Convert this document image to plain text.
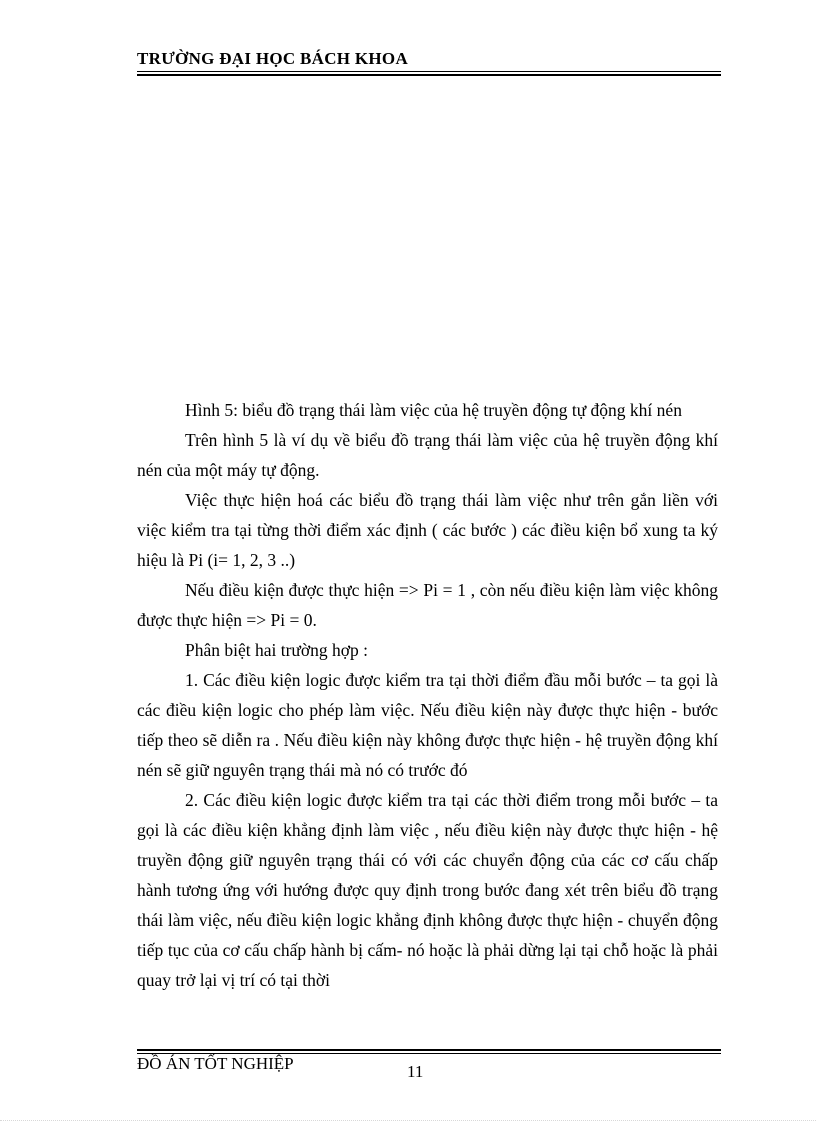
TRƯỜNG ĐẠI HỌC BÁCH KHOA

Hình 5: biểu đồ trạng thái làm việc của hệ truyền động tự động khí nén

Trên hình 5 là ví dụ về biểu đồ trạng thái làm việc của hệ truyền động khí nén của một máy tự động.

Việc thực hiện hoá các biểu đồ trạng thái làm việc như trên gắn liền với việc kiểm tra tại từng thời điểm xác định ( các bước ) các điều kiện bổ xung ta ký hiệu là Pi (i= 1, 2, 3 ..)

Nếu điều kiện được thực hiện => Pi = 1 , còn nếu điều kiện làm việc không được thực hiện => Pi = 0.

Phân biệt hai trường hợp :

1. Các điều kiện logic được kiểm tra tại thời điểm đầu mỗi bước – ta gọi là các điều kiện logic cho phép làm việc. Nếu điều kiện này được thực hiện - bước tiếp theo sẽ diễn ra . Nếu điều kiện này không được thực hiện - hệ truyền động khí nén sẽ giữ nguyên trạng thái mà nó có trước đó

2. Các điều kiện logic được kiểm tra tại các thời điểm trong mỗi bước – ta gọi là các điều kiện khẳng định làm việc , nếu điều kiện này được thực hiện - hệ truyền động giữ nguyên trạng thái có với các chuyển động của các cơ cấu chấp hành tương ứng với hướng được quy định trong bước đang xét trên biểu đồ trạng thái làm việc, nếu điều kiện logic khẳng định không được thực hiện - chuyển động tiếp tục của cơ cấu chấp hành bị cấm- nó hoặc là phải dừng lại tại chỗ hoặc là phải quay trở lại vị trí có tại thời

ĐỒ ÁN TỐT NGHIỆP	11
